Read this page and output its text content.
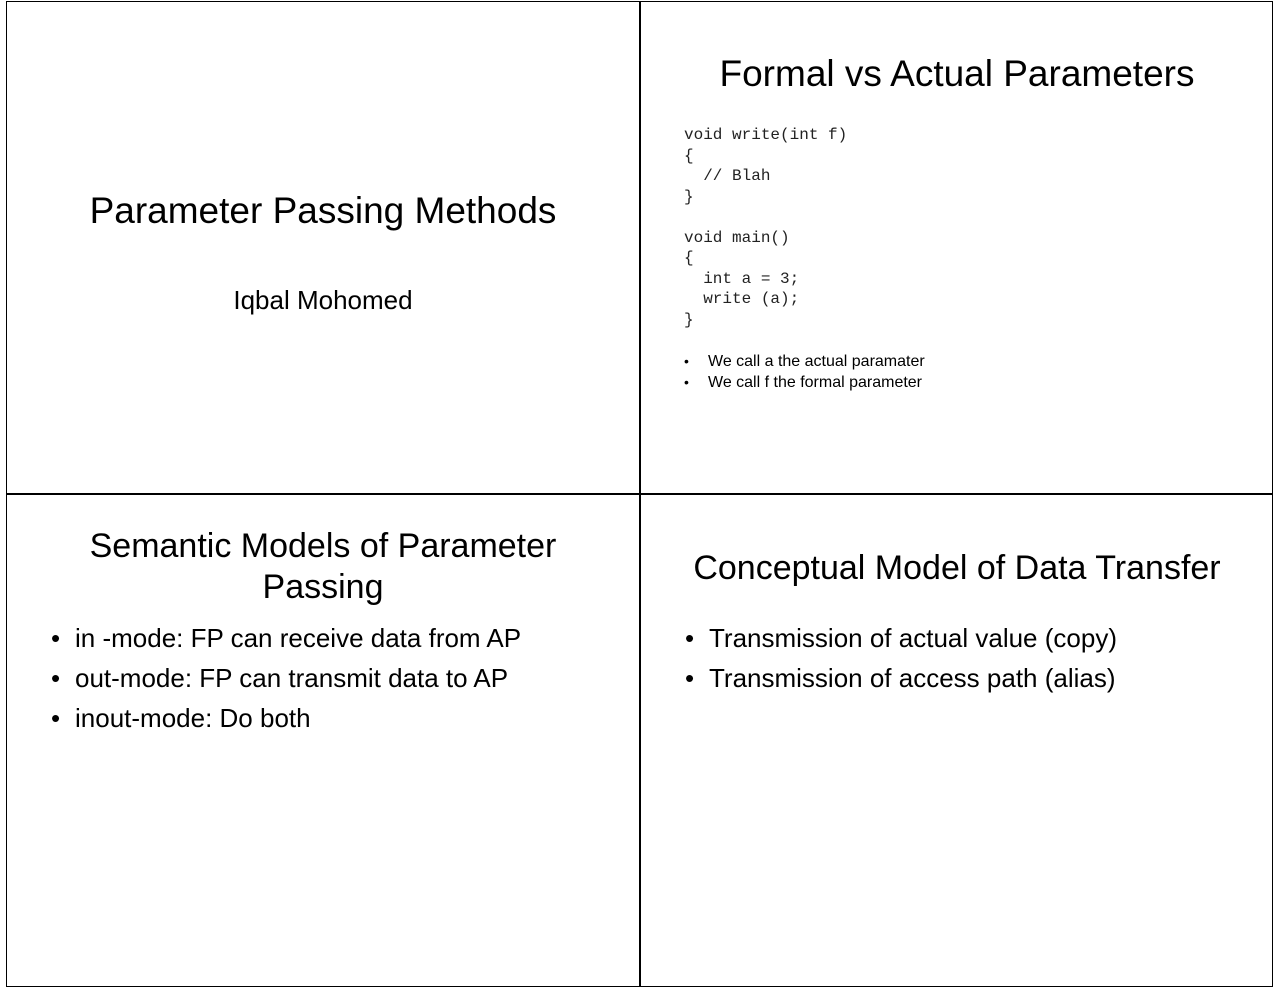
Parameter Passing Methods
Iqbal Mohomed
Formal vs Actual Parameters
void write(int f)
{
// Blah
}

void main()
{
int a = 3;
write (a);
}
• We call a the actual paramater
• We call f the formal parameter
Semantic Models of Parameter
Passing
• in -mode: FP can receive data from AP
• out-mode: FP can transmit data to AP
• inout-mode: Do both
Conceptual Model of Data Transfer
• Transmission of actual value (copy)
• Transmission of access path (alias)
